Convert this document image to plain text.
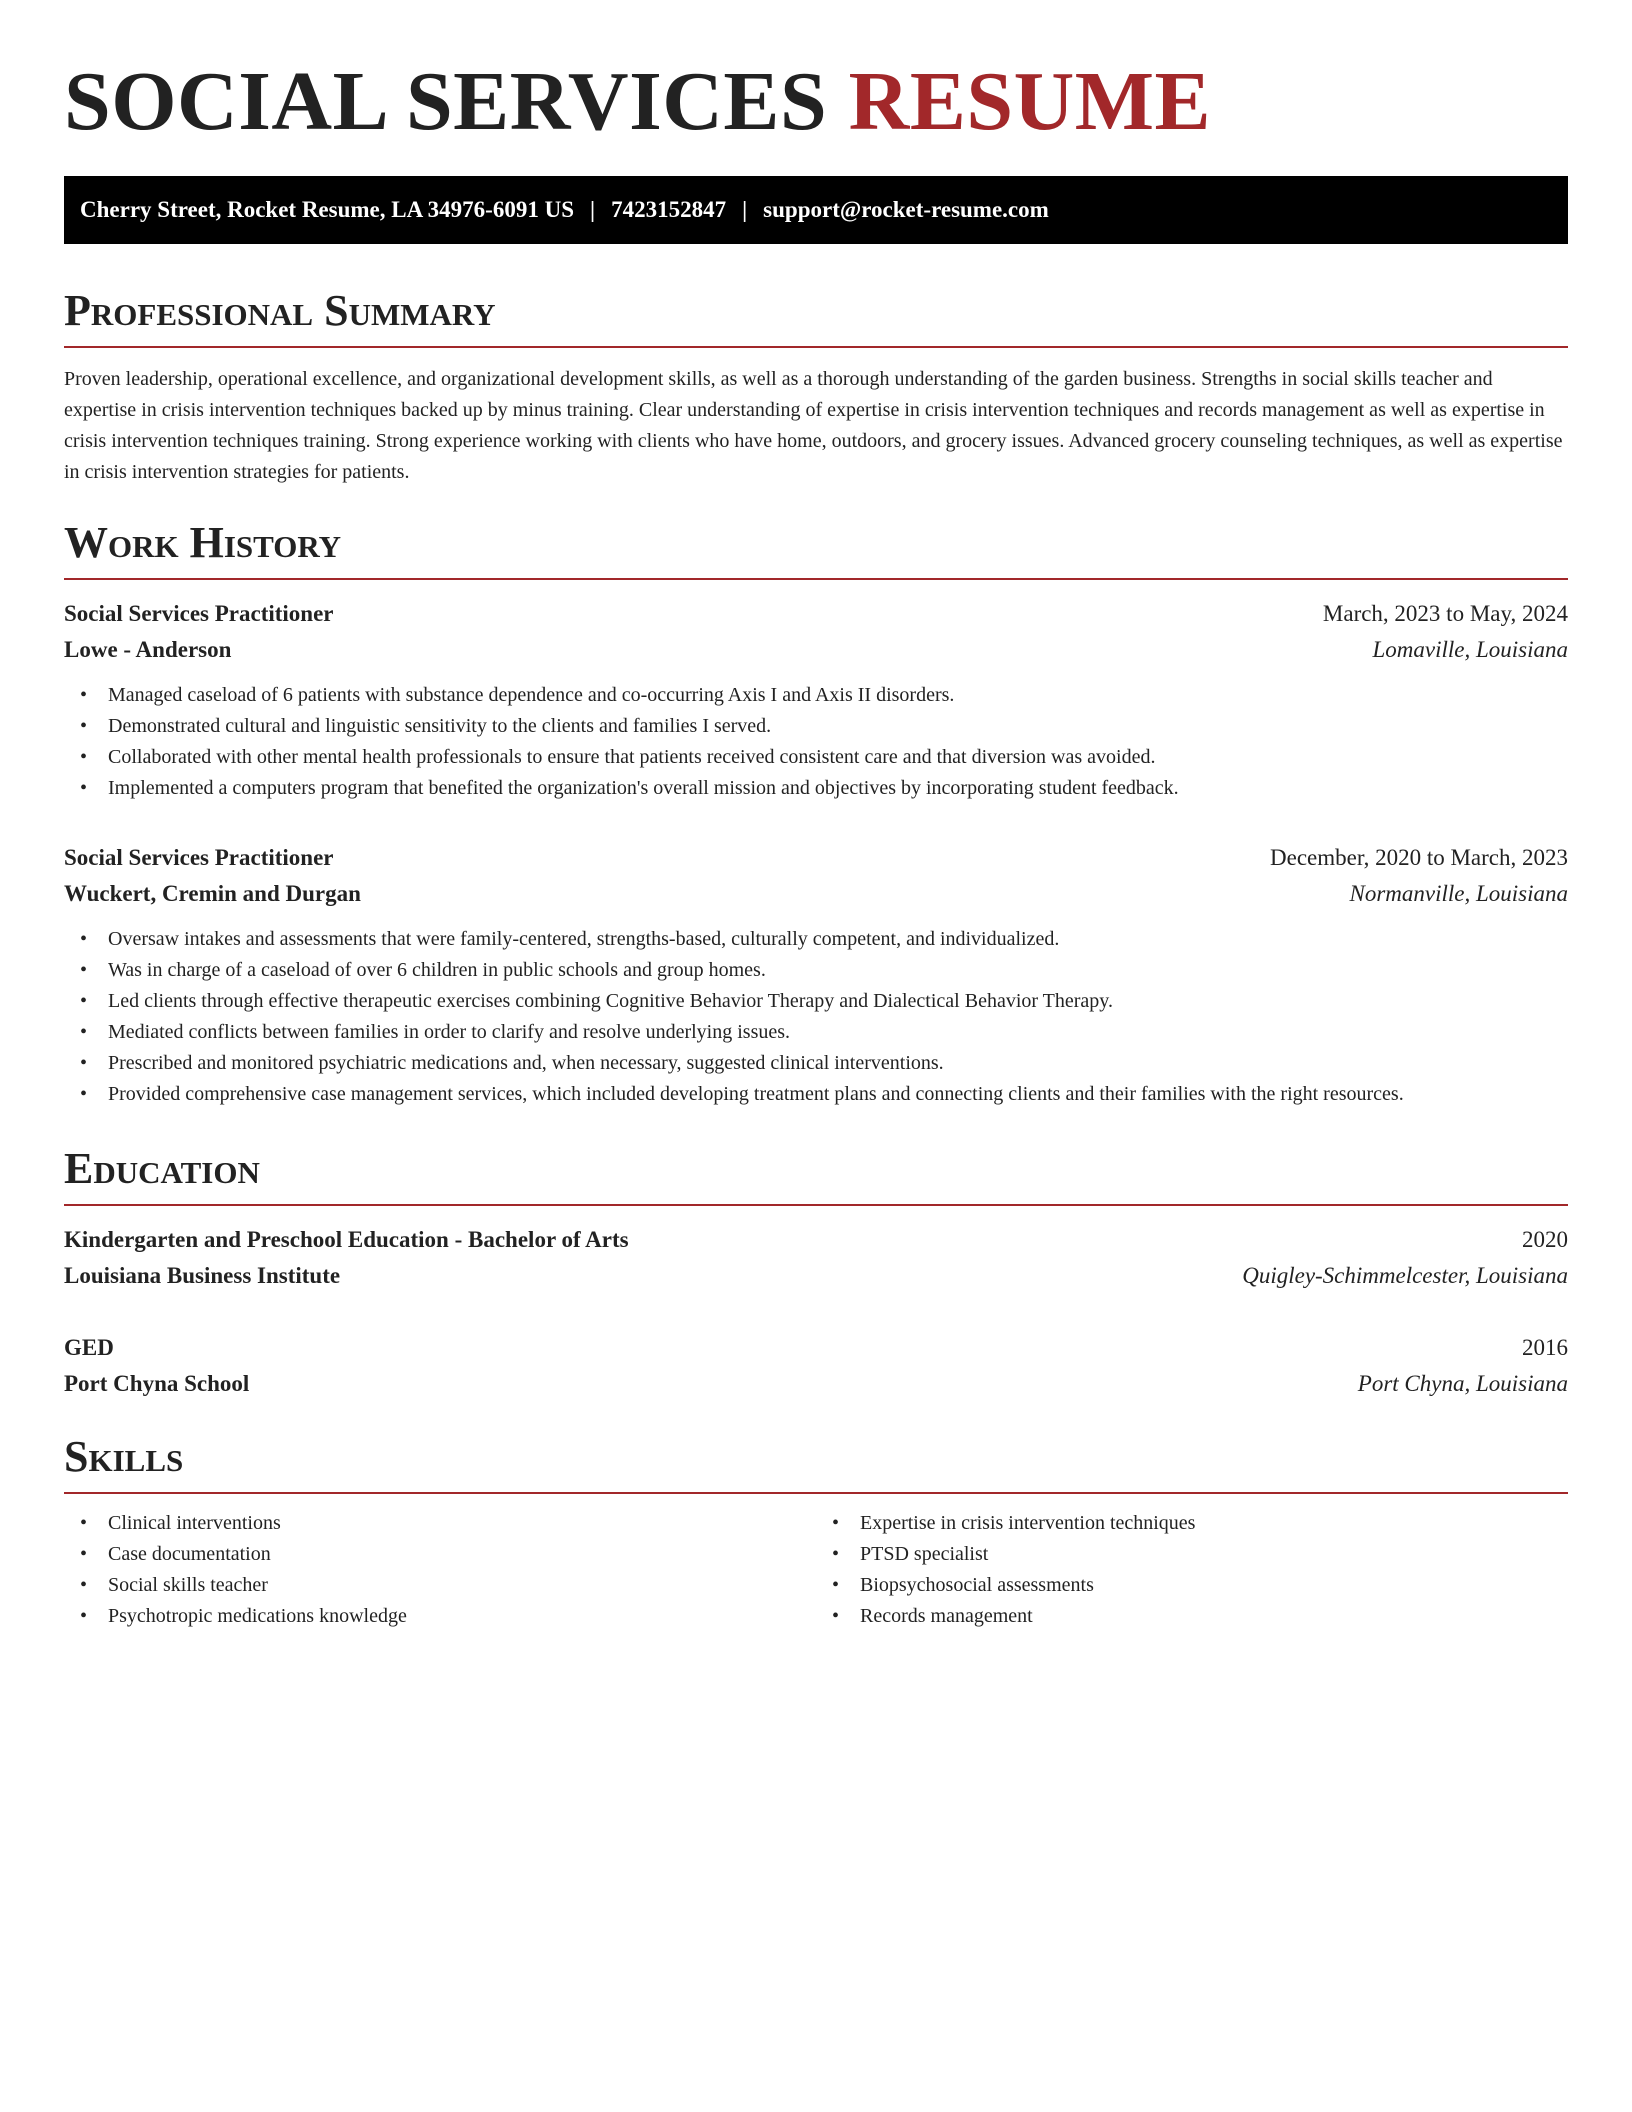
SOCIAL SERVICES RESUME
Cherry Street, Rocket Resume, LA 34976-6091 US | 7423152847 | support@rocket-resume.com
Professional Summary

Proven leadership, operational excellence, and organizational development skills, as well as a thorough understanding of the garden business. Strengths in social skills teacher and expertise in crisis intervention techniques backed up by minus training. Clear understanding of expertise in crisis intervention techniques and records management as well as expertise in crisis intervention techniques training. Strong experience working with clients who have home, outdoors, and grocery issues. Advanced grocery counseling techniques, as well as expertise in crisis intervention strategies for patients.

Work History
Social Services Practitioner	March, 2023 to May, 2024
Lowe - Anderson	Lomaville, Louisiana
• Managed caseload of 6 patients with substance dependence and co-occurring Axis I and Axis II disorders.
• Demonstrated cultural and linguistic sensitivity to the clients and families I served.
• Collaborated with other mental health professionals to ensure that patients received consistent care and that diversion was avoided.
• Implemented a computers program that benefited the organization's overall mission and objectives by incorporating student feedback.
Social Services Practitioner	December, 2020 to March, 2023
Wuckert, Cremin and Durgan	Normanville, Louisiana
• Oversaw intakes and assessments that were family-centered, strengths-based, culturally competent, and individualized.
• Was in charge of a caseload of over 6 children in public schools and group homes.
• Led clients through effective therapeutic exercises combining Cognitive Behavior Therapy and Dialectical Behavior Therapy.
• Mediated conflicts between families in order to clarify and resolve underlying issues.
• Prescribed and monitored psychiatric medications and, when necessary, suggested clinical interventions.
• Provided comprehensive case management services, which included developing treatment plans and connecting clients and their families with the right resources.
Education
Kindergarten and Preschool Education - Bachelor of Arts	2020
Louisiana Business Institute	Quigley-Schimmelcester, Louisiana
GED	2016
Port Chyna School	Port Chyna, Louisiana
Skills
• Clinical interventions
• Case documentation
• Social skills teacher
• Psychotropic medications knowledge
• Expertise in crisis intervention techniques
• PTSD specialist
• Biopsychosocial assessments
• Records management
